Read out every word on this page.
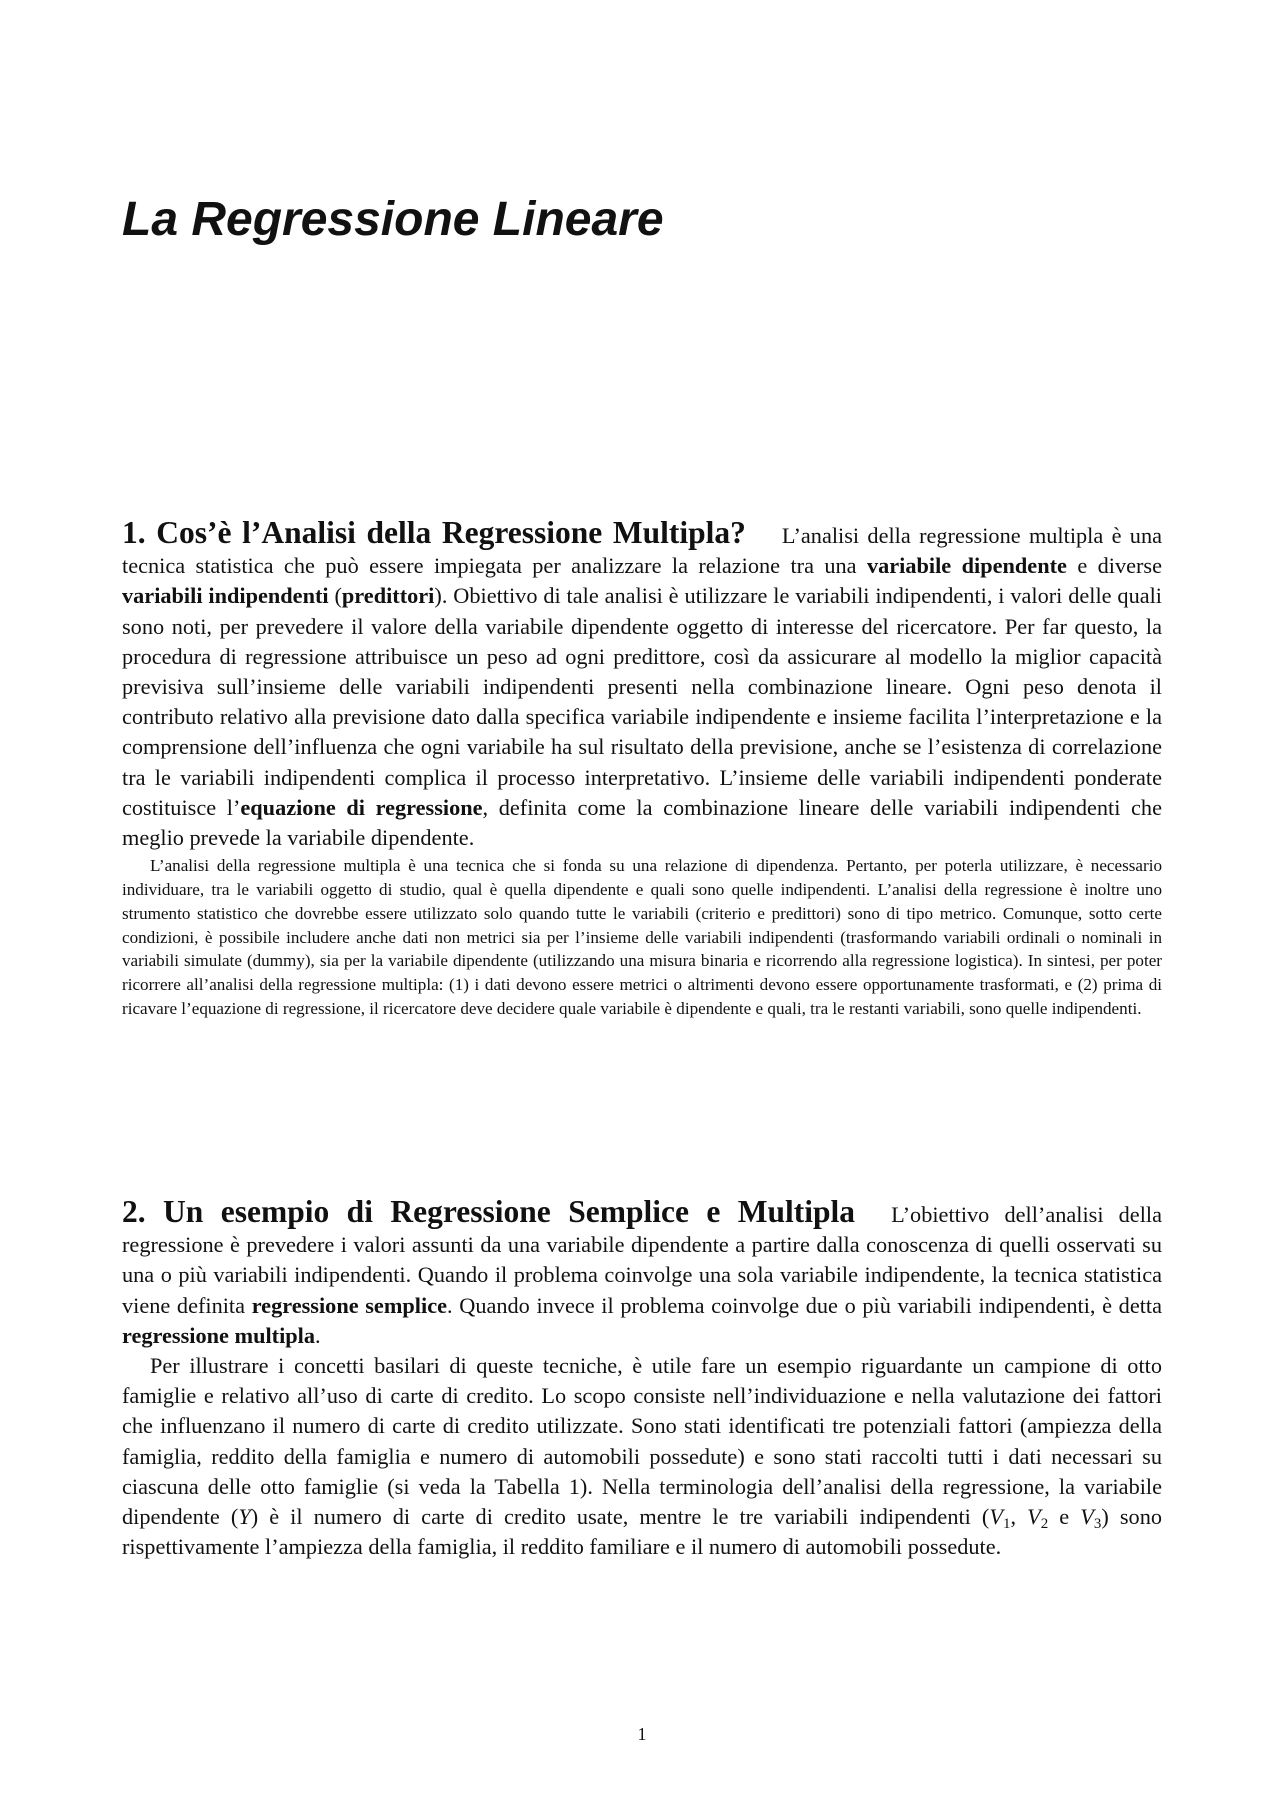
La Regressione Lineare

1. Cos’è l’Analisi della Regressione Multipla? L’analisi della regressione multipla è una tecnica statistica che può essere impiegata per analizzare la relazione tra una variabile dipendente e diverse variabili indipendenti (predittori). Obiettivo di tale analisi è utilizzare le variabili indipendenti, i valori delle quali sono noti, per prevedere il valore della variabile dipendente oggetto di interesse del ricercatore. Per far questo, la procedura di regressione attribuisce un peso ad ogni predittore, così da assicurare al modello la miglior capacità previsiva sull’insieme delle variabili indipendenti presenti nella combinazione lineare. Ogni peso denota il contributo relativo alla previsione dato dalla specifica variabile indipendente e insieme facilita l’interpretazione e la comprensione dell’influenza che ogni variabile ha sul risultato della previsione, anche se l’esistenza di correlazione tra le variabili indipendenti complica il processo interpretativo. L’insieme delle variabili indipendenti ponderate costituisce l’equazione di regressione, definita come la combinazione lineare delle variabili indipendenti che meglio prevede la variabile dipendente.

L’analisi della regressione multipla è una tecnica che si fonda su una relazione di dipendenza. Pertanto, per poterla utilizzare, è necessario individuare, tra le variabili oggetto di studio, qual è quella dipendente e quali sono quelle indipendenti. L’analisi della regressione è inoltre uno strumento statistico che dovrebbe essere utilizzato solo quando tutte le variabili (criterio e predittori) sono di tipo metrico. Comunque, sotto certe condizioni, è possibile includere anche dati non metrici sia per l’insieme delle variabili indipendenti (trasformando variabili ordinali o nominali in variabili simulate (dummy), sia per la variabile dipendente (utilizzando una misura binaria e ricorrendo alla regressione logistica). In sintesi, per poter ricorrere all’analisi della regressione multipla: (1) i dati devono essere metrici o altrimenti devono essere opportunamente trasformati, e (2) prima di ricavare l’equazione di regressione, il ricercatore deve decidere quale variabile è dipendente e quali, tra le restanti variabili, sono quelle indipendenti.

2. Un esempio di Regressione Semplice e Multipla L’obiettivo dell’analisi della regressione è prevedere i valori assunti da una variabile dipendente a partire dalla conoscenza di quelli osservati su una o più variabili indipendenti. Quando il problema coinvolge una sola variabile indipendente, la tecnica statistica viene definita regressione semplice. Quando invece il problema coinvolge due o più variabili indipendenti, è detta regressione multipla.

Per illustrare i concetti basilari di queste tecniche, è utile fare un esempio riguardante un campione di otto famiglie e relativo all’uso di carte di credito. Lo scopo consiste nell’individuazione e nella valutazione dei fattori che influenzano il numero di carte di credito utilizzate. Sono stati identificati tre potenziali fattori (ampiezza della famiglia, reddito della famiglia e numero di automobili possedute) e sono stati raccolti tutti i dati necessari su ciascuna delle otto famiglie (si veda la Tabella 1). Nella terminologia dell’analisi della regressione, la variabile dipendente (Y) è il numero di carte di credito usate, mentre le tre variabili indipendenti ($V_1$, $V_2$ e $V_3$) sono rispettivamente l’ampiezza della famiglia, il reddito familiare e il numero di automobili possedute.

1
